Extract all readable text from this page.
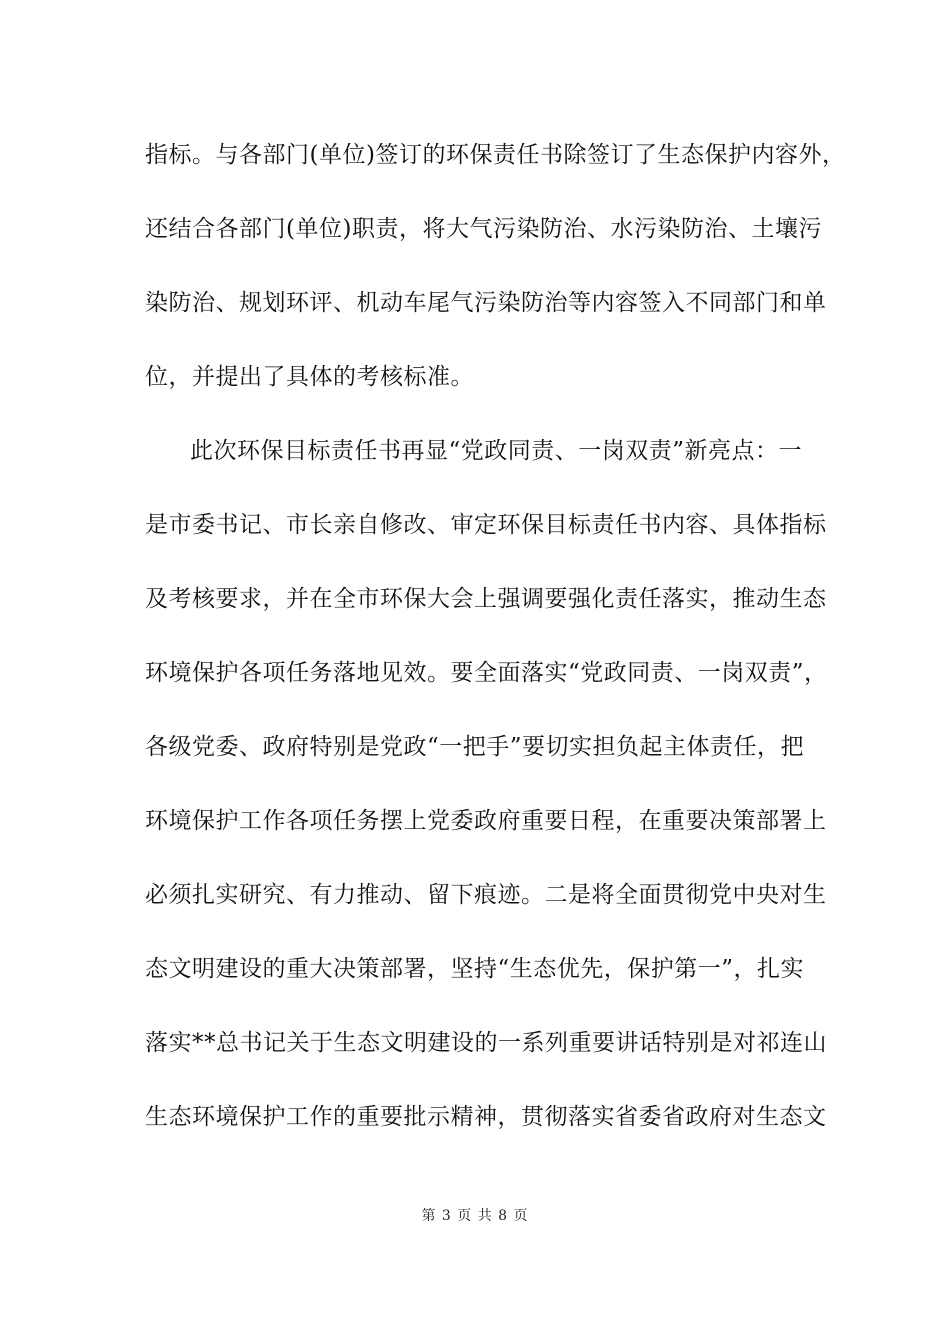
指标。与各部门(单位)签订的环保责任书除签订了生态保护内容外，
还结合各部门(单位)职责，将大气污染防治、水污染防治、土壤污
染防治、规划环评、机动车尾气污染防治等内容签入不同部门和单
位，并提出了具体的考核标准。
此次环保目标责任书再显“党政同责、一岗双责”新亮点：一
是市委书记、市长亲自修改、审定环保目标责任书内容、具体指标
及考核要求，并在全市环保大会上强调要强化责任落实，推动生态
环境保护各项任务落地见效。要全面落实“党政同责、一岗双责”，
各级党委、政府特别是党政“一把手”要切实担负起主体责任，把
环境保护工作各项任务摆上党委政府重要日程，在重要决策部署上
必须扎实研究、有力推动、留下痕迹。二是将全面贯彻党中央对生
态文明建设的重大决策部署，坚持“生态优先，保护第一”，扎实
落实**总书记关于生态文明建设的一系列重要讲话特别是对祁连山
生态环境保护工作的重要批示精神，贯彻落实省委省政府对生态文
第 3 页 共 8 页
